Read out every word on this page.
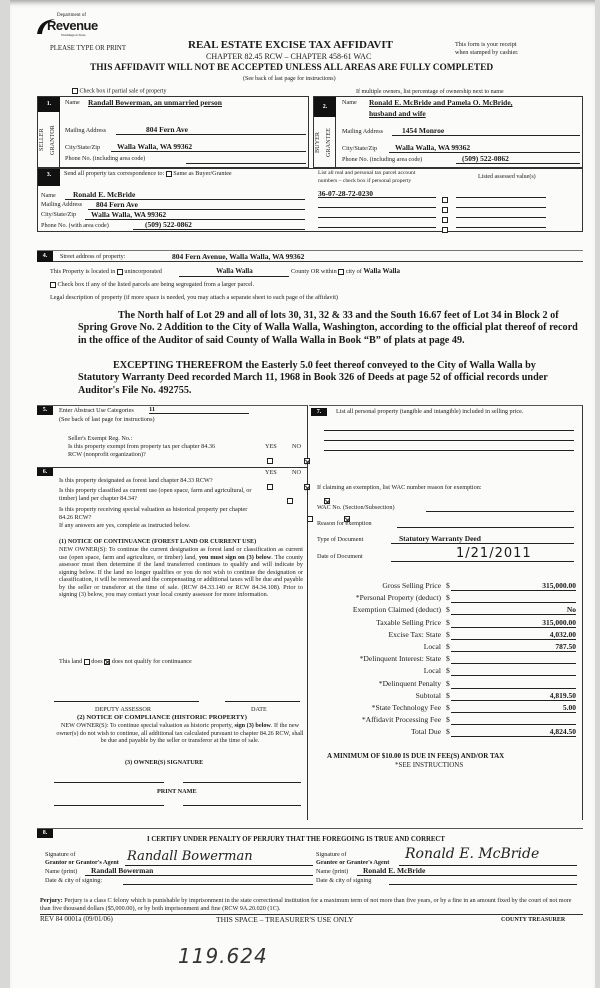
Department of
Revenue
Washington State
PLEASE TYPE OR PRINT	REAL ESTATE EXCISE TAX AFFIDAVIT
CHAPTER 82.45 RCW – CHAPTER 458-61 WAC
This form is your receipt
when stamped by cashier.
THIS AFFIDAVIT WILL NOT BE ACCEPTED UNLESS ALL AREAS ARE FULLY COMPLETED
(See back of last page for instructions)
Check box if partial sale of property	If multiple owners, list percentage of ownership next to name
1.
SELLER GRANTOR
Name Randall Bowerman, an unmarried person
Mailing Address	804 Fern Ave
City/State/Zip	Walla Walla, WA 99362
Phone No. (including area code)
2.
BUYER GRANTEE
Name Ronald E. McBride and Pamela O. McBride,
husband and wife
Mailing Address	1454 Monroe
City/State/Zip	Walla Walla, WA 99362
Phone No. (including area code)	(509) 522-0862
3.	Send all property tax correspondence to: Same as Buyer/Grantee
Name	Ronald E. McBride
Mailing Address	804 Fern Ave
City/State/Zip	Walla Walla, WA 99362
Phone No. (with area code)	(509) 522-0862
List all real and personal tax parcel account
numbers – check box if personal property
Listed assessed value(s)
36-07-28-72-0230
4.	Street address of property:	804 Fern Avenue, Walla Walla, WA 99362
This Property is located in unincorporated	Walla Walla	County OR within city of Walla Walla
Check box if any of the listed parcels are being segregated from a larger parcel.
Legal description of property (if more space is needed, you may attach a separate sheet to each page of the affidavit)
The North half of Lot 29 and all of lots 30, 31, 32 & 33 and the South 16.67 feet of Lot 34 in Block 2 of Spring Grove No. 2 Addition to the City of Walla Walla, Washington, according to the official plat thereof of record in the office of the Auditor of said County of Walla Walla in Book “B” of plats at page 49.
EXCEPTING THEREFROM the Easterly 5.0 feet thereof conveyed to the City of Walla Walla by Statutory Warranty Deed recorded March 11, 1968 in Book 326 of Deeds at page 52 of official records under Auditor's File No. 492755.
5.	Enter Abstract Use Categories 11
(See back of last page for instructions)
Seller's Exempt Reg. No.:
Is this property exempt from property tax per chapter 84.36 RCW (nonprofit organization)?
YES NO

6.	YES NO
Is this property designated as forest land chapter 84.33 RCW?

Is this property classified as current use (open space, farm and agricultural, or timber) land per chapter 84.34?

Is this property receiving special valuation as historical property per chapter 84.26 RCW?

If any answers are yes, complete as instructed below.
(1) NOTICE OF CONTINUANCE (FOREST LAND OR CURRENT USE)
NEW OWNER(S): To continue the current designation as forest land or classification as current use (open space, farm and agriculture, or timber) land, you must sign on (3) below. The county assessor must then determine if the land transferred continues to qualify and will indicate by signing below. If the land no longer qualifies or you do not wish to continue the designation or classification, it will be removed and the compensating or additional taxes will be due and payable by the seller or transferor at the time of sale. (RCW 84.33.140 or RCW 84.34.108). Prior to signing (3) below, you may contact your local county assessor for more information.
This land does does not qualify for continuance
DEPUTY ASSESSOR	DATE
(2) NOTICE OF COMPLIANCE (HISTORIC PROPERTY)
NEW OWNER(S): To continue special valuation as historic property, sign (3) below. If the new owner(s) do not wish to continue, all additional tax calculated pursuant to chapter 84.26 RCW, shall be due and payable by the seller or transferor at the time of sale.
(3) OWNER(S) SIGNATURE
PRINT NAME
7.	List all personal property (tangible and intangible) included in selling price.
If claiming an exemption, list WAC number reason for exemption:
WAC No. (Section/Subsection)
Reason for exemption
Type of Document	Statutory Warranty Deed
Date of Document	1/21/2011
Gross Selling Price $	315,000.00
*Personal Property (deduct) $
Exemption Claimed (deduct) $	No
Taxable Selling Price $	315,000.00
Excise Tax: State $	4,032.00
Local $	787.50
*Delinquent Interest: State $
Local $
*Delinquent Penalty $
Subtotal $	4,819.50
*State Technology Fee $	5.00
*Affidavit Processing Fee $
Total Due $	4,824.50
A MINIMUM OF $10.00 IS DUE IN FEE(S) AND/OR TAX
*SEE INSTRUCTIONS
8.
I CERTIFY UNDER PENALTY OF PERJURY THAT THE FOREGOING IS TRUE AND CORRECT
Signature of
Grantor or Grantor's Agent Randall Bowerman
Name (print)	Randall Bowerman
Date & city of signing:
Signature of
Grantee or Grantee's Agent
Ronald E. McBride
Name (print)	Ronald E. McBride
Date & city of signing
Perjury: Perjury is a class C felony which is punishable by imprisonment in the state correctional institution for a maximum term of not more than five years, or by a fine in an amount fixed by the court of not more than five thousand dollars ($5,000.00), or by both imprisonment and fine (RCW 9A.20.020 (1C).
REV 84 0001a (09/01/06)	THIS SPACE – TREASURER'S USE ONLY	COUNTY TREASURER
119.624
